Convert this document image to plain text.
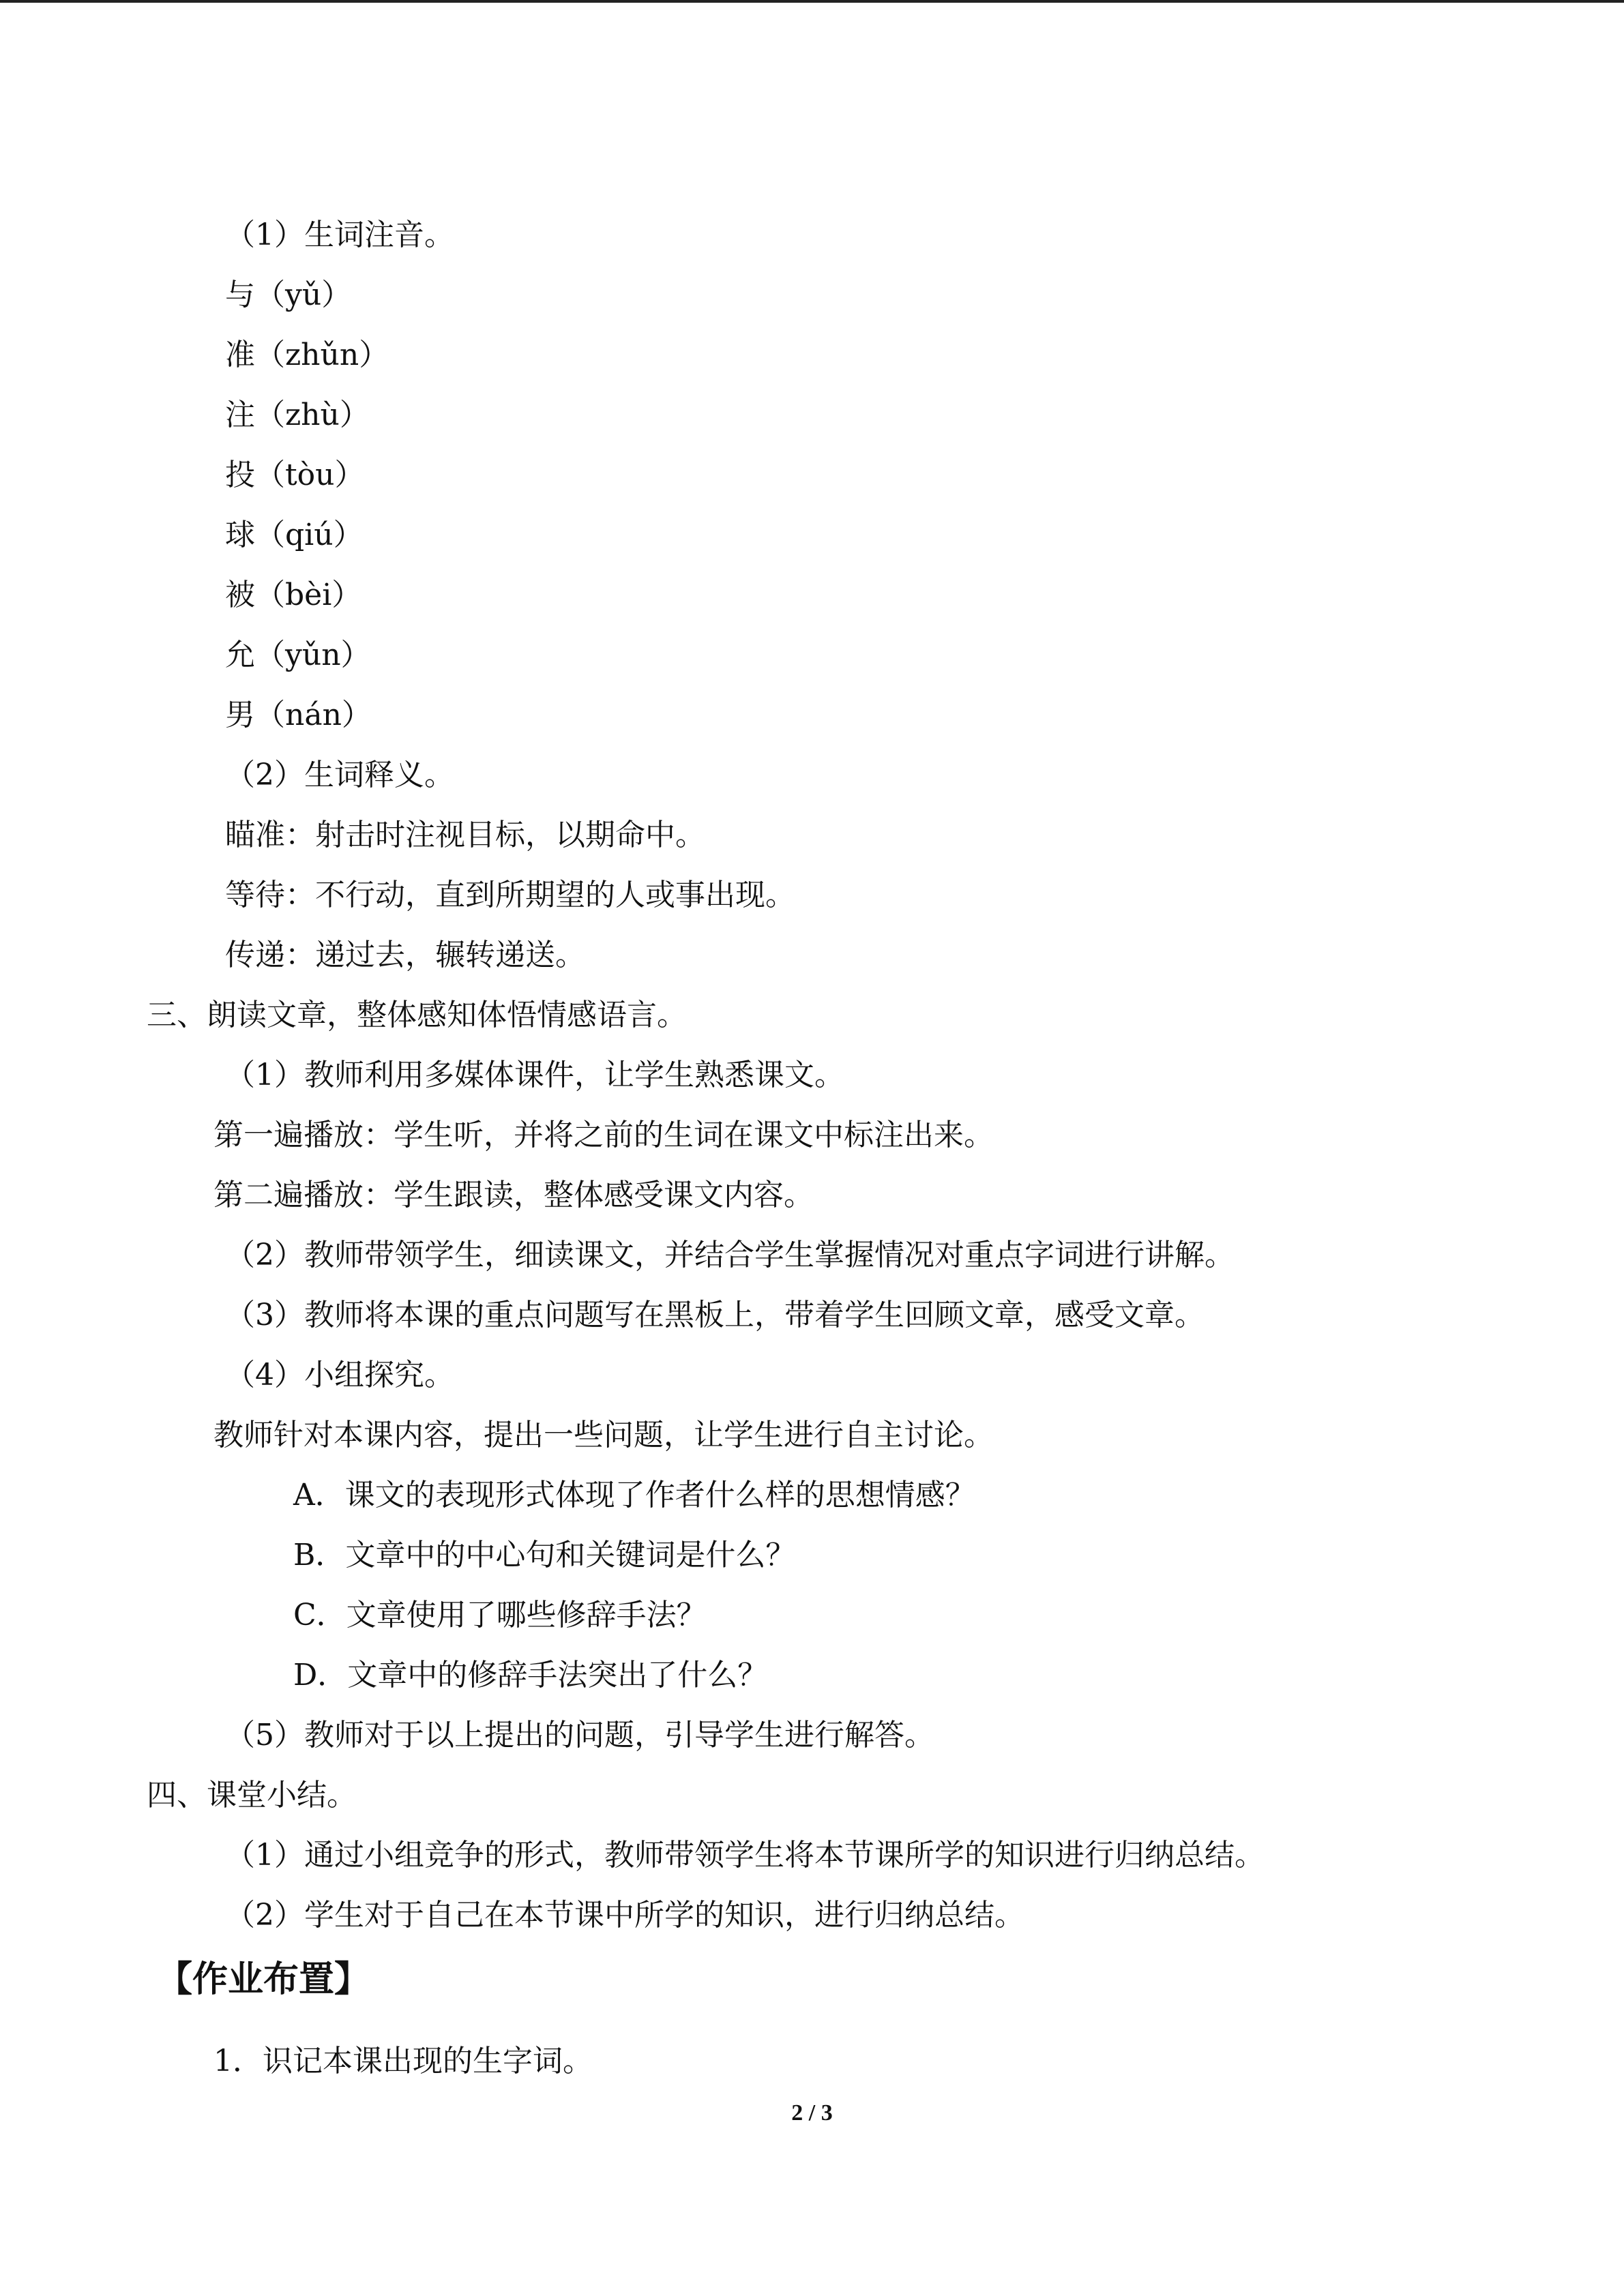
（1）生词注音。
与（yǔ）
准（zhǔn）
注（zhù）
投（tòu）
球（qiú）
被（bèi）
允（yǔn）
男（nán）
（2）生词释义。
瞄准：射击时注视目标，以期命中。
等待：不行动，直到所期望的人或事出现。
传递：递过去，辗转递送。
三、朗读文章，整体感知体悟情感语言。
（1）教师利用多媒体课件，让学生熟悉课文。
第一遍播放：学生听，并将之前的生词在课文中标注出来。
第二遍播放：学生跟读，整体感受课文内容。
（2）教师带领学生，细读课文，并结合学生掌握情况对重点字词进行讲解。
（3）教师将本课的重点问题写在黑板上，带着学生回顾文章，感受文章。
（4）小组探究。
教师针对本课内容，提出一些问题，让学生进行自主讨论。
A．课文的表现形式体现了作者什么样的思想情感？
B．文章中的中心句和关键词是什么？
C．文章使用了哪些修辞手法？
D．文章中的修辞手法突出了什么？
（5）教师对于以上提出的问题，引导学生进行解答。
四、课堂小结。
（1）通过小组竞争的形式，教师带领学生将本节课所学的知识进行归纳总结。
（2）学生对于自己在本节课中所学的知识，进行归纳总结。
【作业布置】
1．识记本课出现的生字词。
2 / 3
